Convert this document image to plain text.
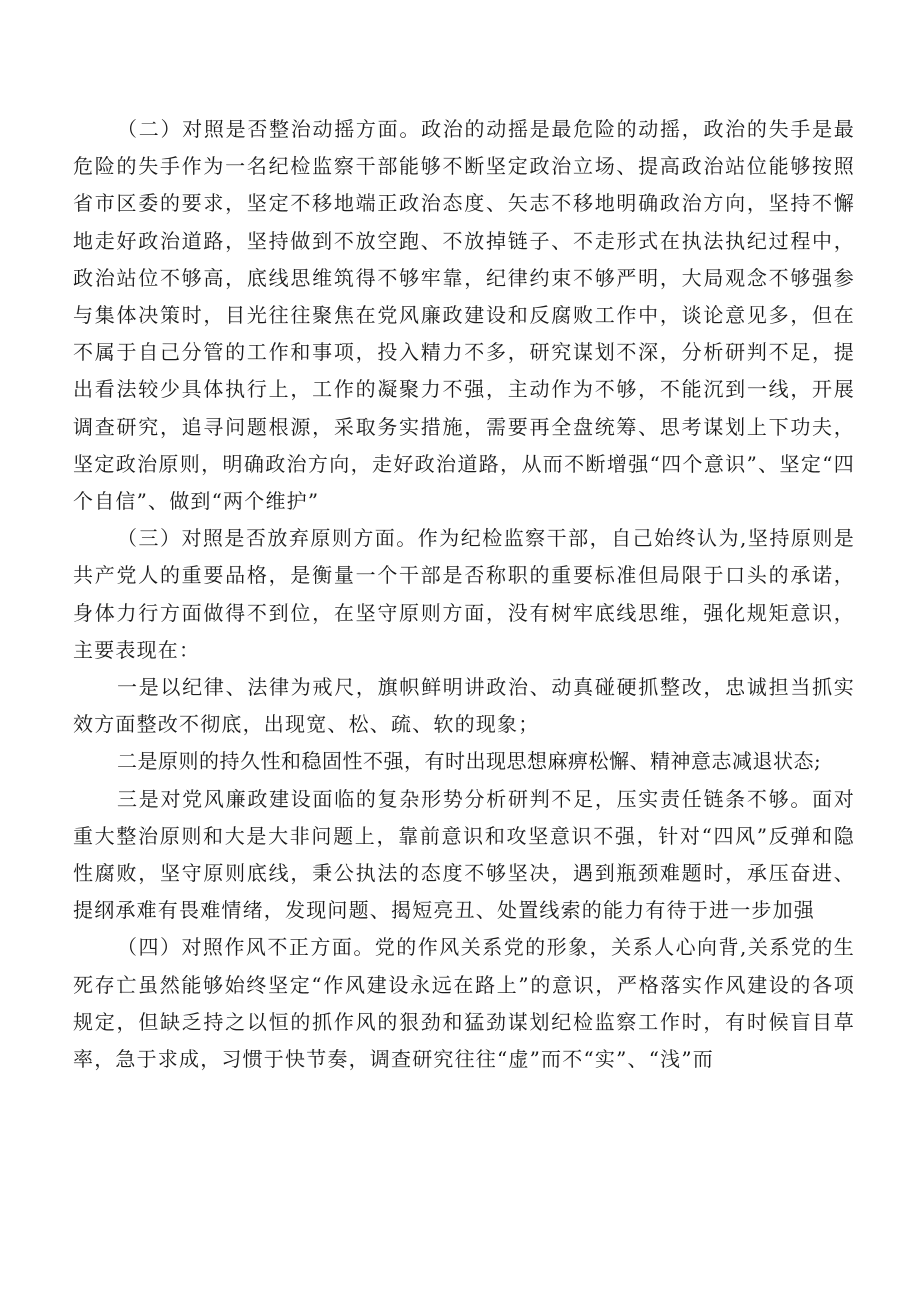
（二）对照是否整治动摇方面。政治的动摇是最危险的动摇，政治的失手是最危险的失手作为一名纪检监察干部能够不断坚定政治立场、提高政治站位能够按照省市区委的要求，坚定不移地端正政治态度、矢志不移地明确政治方向，坚持不懈地走好政治道路，坚持做到不放空跑、不放掉链子、不走形式在执法执纪过程中，政治站位不够高，底线思维筑得不够牢靠，纪律约束不够严明，大局观念不够强参与集体决策时，目光往往聚焦在党风廉政建设和反腐败工作中，谈论意见多，但在不属于自己分管的工作和事项，投入精力不多，研究谋划不深，分析研判不足，提出看法较少具体执行上，工作的凝聚力不强，主动作为不够，不能沉到一线，开展调查研究，追寻问题根源，采取务实措施，需要再全盘统筹、思考谋划上下功夫，坚定政治原则，明确政治方向，走好政治道路，从而不断增强“四个意识”、坚定“四个自信”、做到“两个维护”

（三）对照是否放弃原则方面。作为纪检监察干部，自己始终认为,坚持原则是共产党人的重要品格，是衡量一个干部是否称职的重要标准但局限于口头的承诺，身体力行方面做得不到位，在坚守原则方面，没有树牢底线思维，强化规矩意识，主要表现在：

一是以纪律、法律为戒尺，旗帜鲜明讲政治、动真碰硬抓整改，忠诚担当抓实效方面整改不彻底，出现宽、松、疏、软的现象；

二是原则的持久性和稳固性不强，有时出现思想麻痹松懈、精神意志减退状态;

三是对党风廉政建设面临的复杂形势分析研判不足，压实责任链条不够。面对重大整治原则和大是大非问题上，靠前意识和攻坚意识不强，针对“四风”反弹和隐性腐败，坚守原则底线，秉公执法的态度不够坚决，遇到瓶颈难题时，承压奋进、提纲承难有畏难情绪，发现问题、揭短亮丑、处置线索的能力有待于进一步加强

（四）对照作风不正方面。党的作风关系党的形象，关系人心向背,关系党的生死存亡虽然能够始终坚定“作风建设永远在路上”的意识，严格落实作风建设的各项规定，但缺乏持之以恒的抓作风的狠劲和猛劲谋划纪检监察工作时，有时候盲目草率，急于求成，习惯于快节奏，调查研究往往“虚”而不“实”、“浅”而
